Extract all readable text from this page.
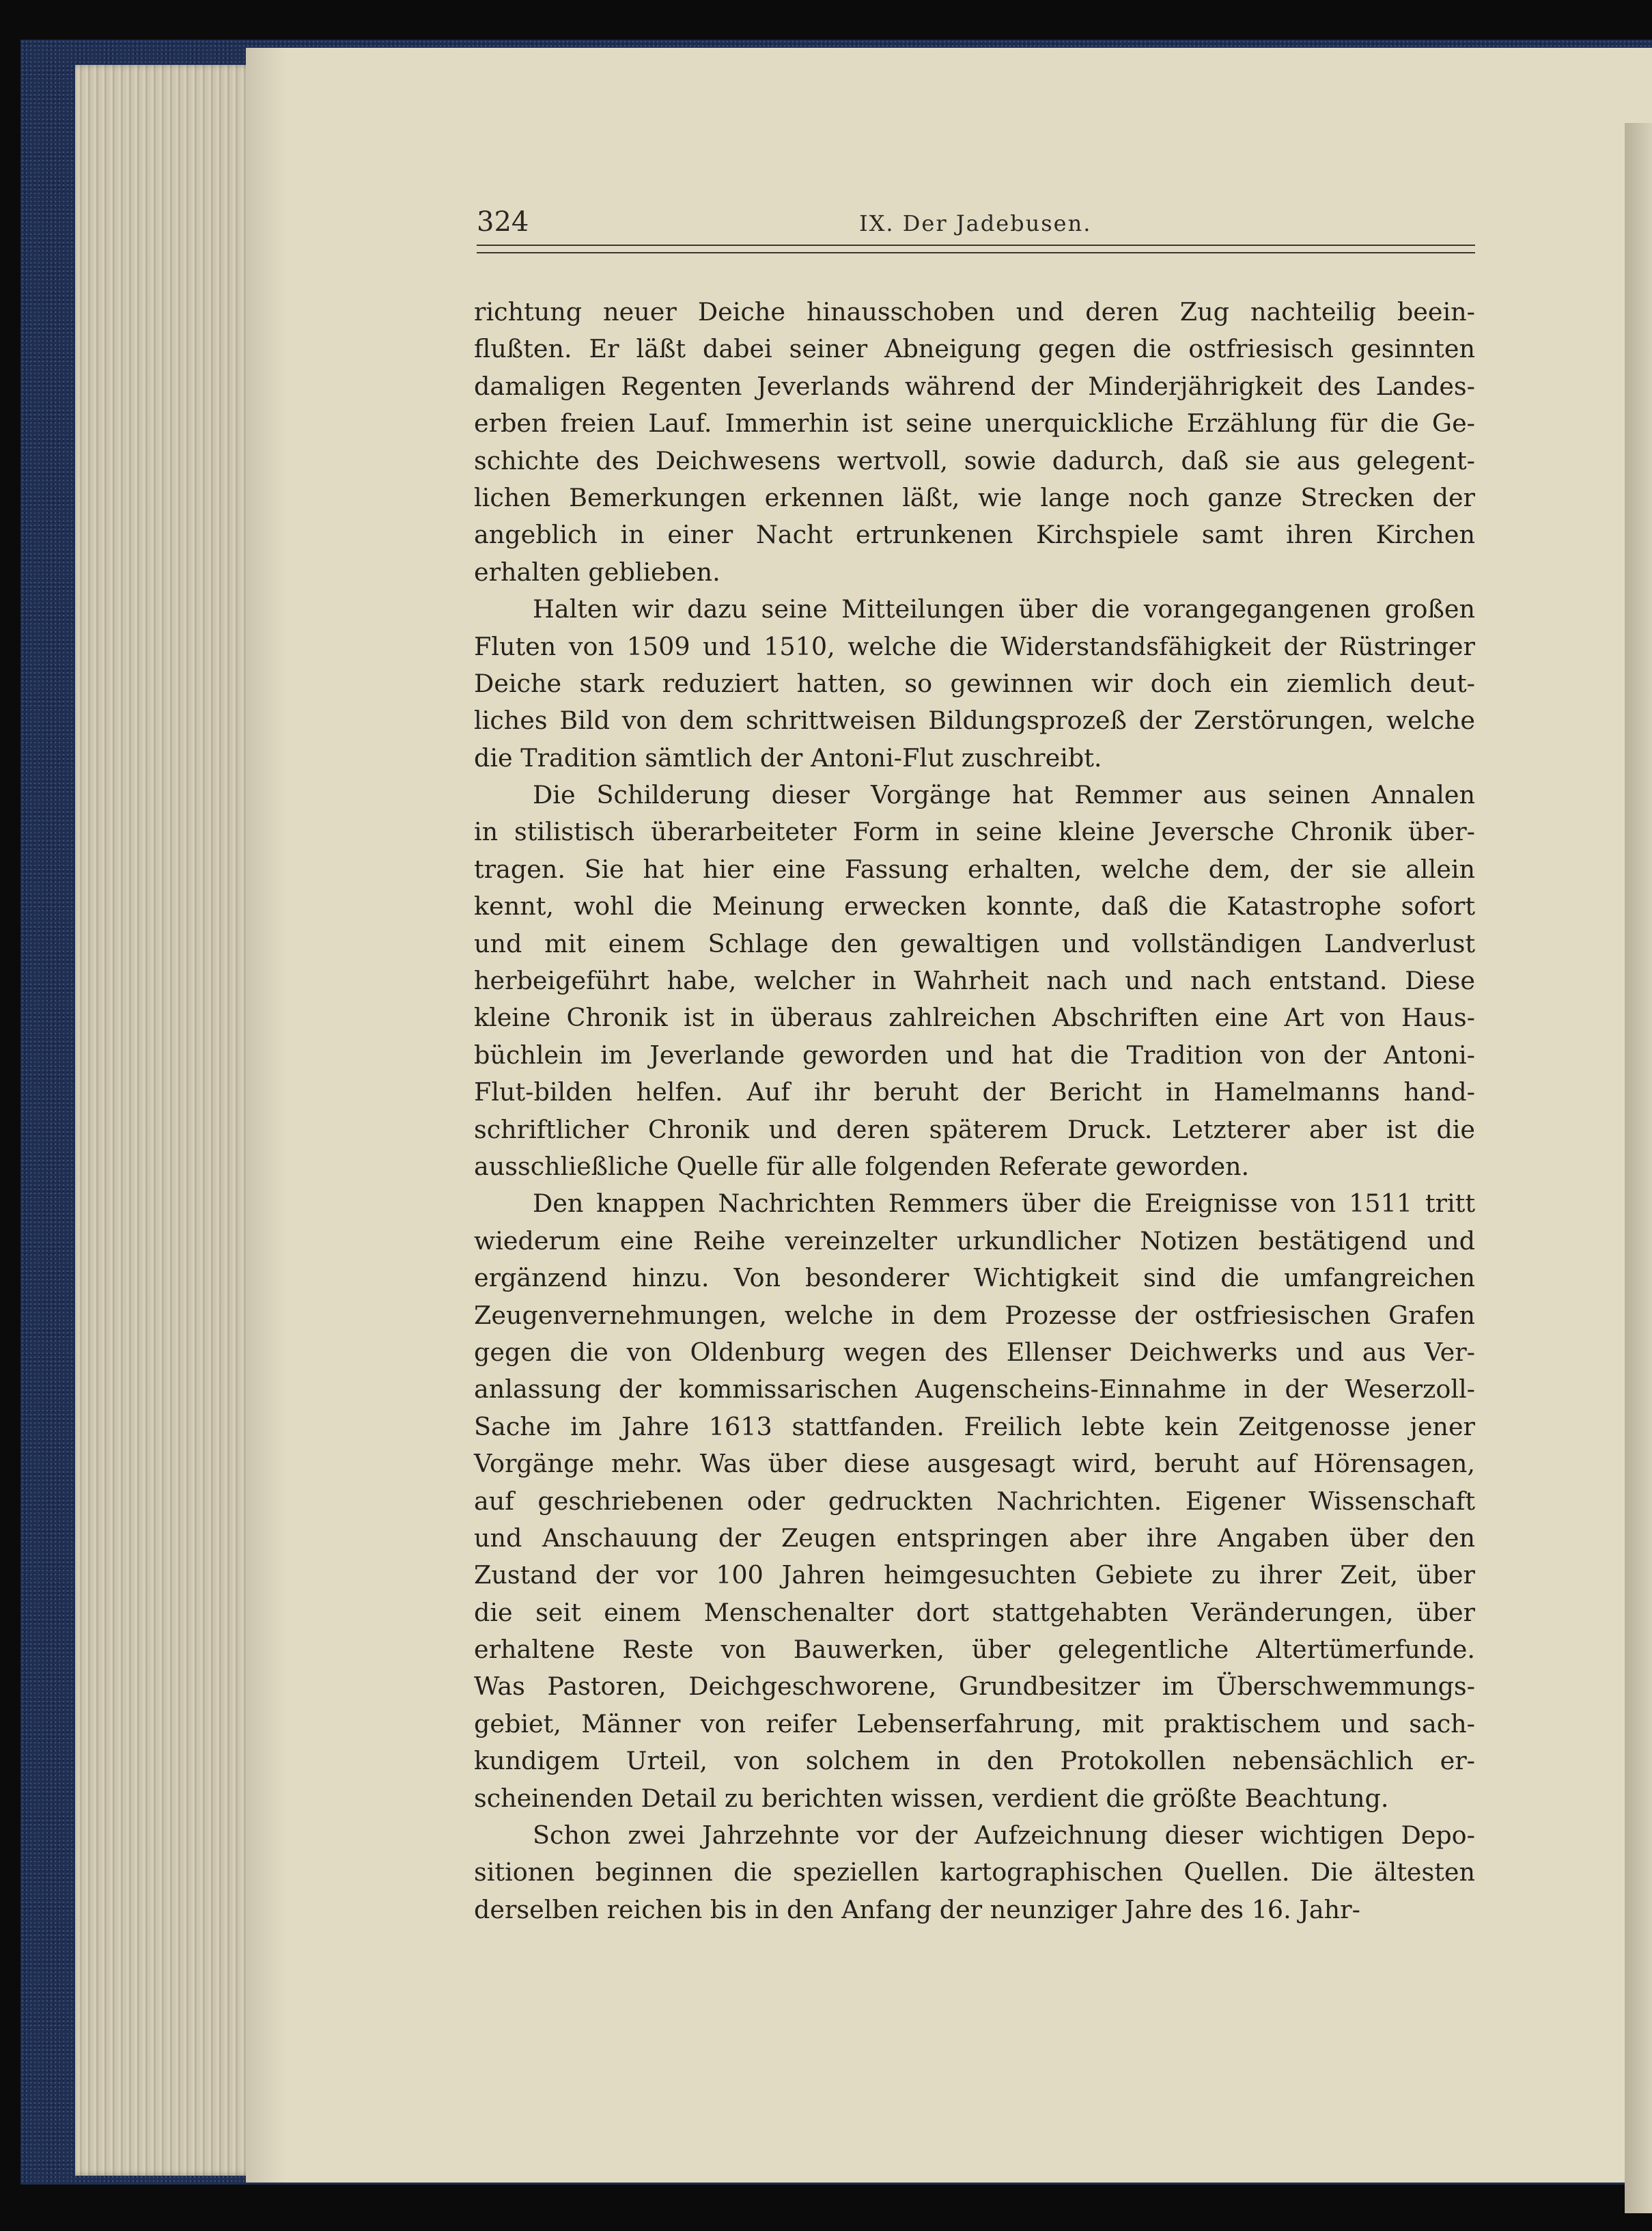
324	IX. Der Jadebusen.
richtung neuer Deiche hinausschoben und deren Zug nachteilig beein-
flußten. Er läßt dabei seiner Abneigung gegen die ostfriesisch gesinnten
damaligen Regenten Jeverlands während der Minderjährigkeit des Landes-
erben freien Lauf. Immerhin ist seine unerquickliche Erzählung für die Ge-
schichte des Deichwesens wertvoll, sowie dadurch, daß sie aus gelegent-
lichen Bemerkungen erkennen läßt, wie lange noch ganze Strecken der
angeblich in einer Nacht ertrunkenen Kirchspiele samt ihren Kirchen
erhalten geblieben.
Halten wir dazu seine Mitteilungen über die vorangegangenen großen
Fluten von 1509 und 1510, welche die Widerstandsfähigkeit der Rüstringer
Deiche stark reduziert hatten, so gewinnen wir doch ein ziemlich deut-
liches Bild von dem schrittweisen Bildungsprozeß der Zerstörungen, welche
die Tradition sämtlich der Antoni-Flut zuschreibt.
Die Schilderung dieser Vorgänge hat Remmer aus seinen Annalen
in stilistisch überarbeiteter Form in seine kleine Jeversche Chronik über-
tragen. Sie hat hier eine Fassung erhalten, welche dem, der sie allein
kennt, wohl die Meinung erwecken konnte, daß die Katastrophe sofort
und mit einem Schlage den gewaltigen und vollständigen Landverlust
herbeigeführt habe, welcher in Wahrheit nach und nach entstand. Diese
kleine Chronik ist in überaus zahlreichen Abschriften eine Art von Haus-
büchlein im Jeverlande geworden und hat die Tradition von der Antoni-
Flut-bilden helfen. Auf ihr beruht der Bericht in Hamelmanns hand-
schriftlicher Chronik und deren späterem Druck. Letzterer aber ist die
ausschließliche Quelle für alle folgenden Referate geworden.
Den knappen Nachrichten Remmers über die Ereignisse von 1511 tritt
wiederum eine Reihe vereinzelter urkundlicher Notizen bestätigend und
ergänzend hinzu. Von besonderer Wichtigkeit sind die umfangreichen
Zeugenvernehmungen, welche in dem Prozesse der ostfriesischen Grafen
gegen die von Oldenburg wegen des Ellenser Deichwerks und aus Ver-
anlassung der kommissarischen Augenscheins-Einnahme in der Weserzoll-
Sache im Jahre 1613 stattfanden. Freilich lebte kein Zeitgenosse jener
Vorgänge mehr. Was über diese ausgesagt wird, beruht auf Hörensagen,
auf geschriebenen oder gedruckten Nachrichten. Eigener Wissenschaft
und Anschauung der Zeugen entspringen aber ihre Angaben über den
Zustand der vor 100 Jahren heimgesuchten Gebiete zu ihrer Zeit, über
die seit einem Menschenalter dort stattgehabten Veränderungen, über
erhaltene Reste von Bauwerken, über gelegentliche Altertümerfunde.
Was Pastoren, Deichgeschworene, Grundbesitzer im Überschwemmungs-
gebiet, Männer von reifer Lebenserfahrung, mit praktischem und sach-
kundigem Urteil, von solchem in den Protokollen nebensächlich er-
scheinenden Detail zu berichten wissen, verdient die größte Beachtung.
Schon zwei Jahrzehnte vor der Aufzeichnung dieser wichtigen Depo-
sitionen beginnen die speziellen kartographischen Quellen. Die ältesten
derselben reichen bis in den Anfang der neunziger Jahre des 16. Jahr-
